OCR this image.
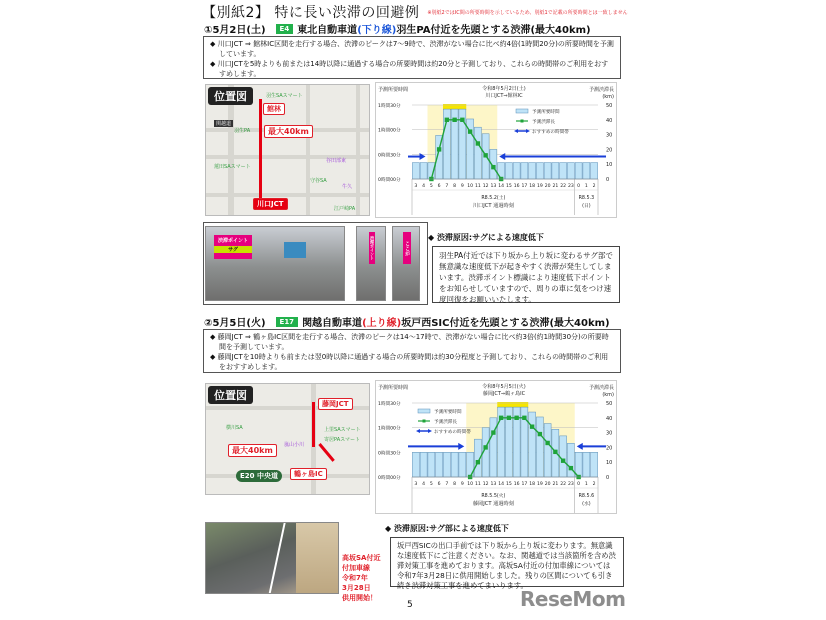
【別紙2】 特に長い渋滞の回避例 ※別紙2ではIC間の所要時間を示しているため、別紙1で記載の所要時間とは一致しません
①5月2日(土)	E4 東北自動車道 (下り線) 羽生PA付近を先頭とする渋滞(最大40km)

◆ 川口JCT ⇒ 館林IC区間を走行する場合、渋滞のピークは7～9時で、渋滞がない場合に比べ約4倍(1時間20分)の所要時間を予測しています。

◆ 川口JCTを5時よりも前または14時以降に通過する場合の所要時間は約20分と予測しており、これらの時間帯のご利用をおすすめします。

位置図
館林
最大40km
川口JCT
羽生SAスマート
羽生PA
蓮田SAスマート
守谷SA
江戸崎PA
牛久
谷田部東
関越道
予測所要時間	令和8年5月2日(土)
川口JCT⇒館林IC
予測渋滞長
(km)
0時間00分
0時間30分
1時間00分
1時間30分
0
10
20
30
40
50
予測所要時間
予測渋滞長
おすすめの時間帯
3 4 5 6 7 8 9 10 11 12 13 14 15 16 17 18 19 20 21 22 23 0 1 2
R8.5.2(土)
川口JCT 通過時刻
R8.5.3
(日)
渋滞ポイント
サグ	渋滞ポイント	ここが
◆ 渋滞原因:サグによる速度低下
羽生PA付近では下り坂から上り坂に変わるサグ部で無意識な速度低下が起きやすく渋滞が発生してしまいます。渋滞ポイント標識により速度低下ポイントをお知らせしていますので、周りの車に気をつけ速度回復をお願いいたします。
②5月5日(火)	E17 関越自動車道 (上り線) 坂戸西SIC付近を先頭とする渋滞(最大40km)

◆ 藤岡JCT ⇒ 鶴ヶ島IC区間を走行する場合、渋滞のピークは14～17時で、渋滞がない場合に比べ約3倍(約1時間30分)の所要時間を予測しています。

◆ 藤岡JCTを10時よりも前または翌0時以降に通過する場合の所要時間は約30分程度と予測しており、これらの時間帯のご利用をおすすめします。

位置図
藤岡JCT
最大40km
鶴ヶ島IC
E20 中央道
嵐山小川
上里SAスマート
寄居PAスマート
横川SA
予測所要時間	令和8年5月5日(火)
藤岡JCT⇒鶴ヶ島IC
予測渋滞長
(km)
0時間00分
0時間30分
1時間00分
1時間30分
0
10
20
30
40
50
予測所要時間
予測渋滞長
おすすめの時間帯
3 4 5 6 7 8 9 10 11 12 13 14 15 16 17 18 19 20 21 22 23 0 1 2
R8.5.5(火)
藤岡JCT 通過時刻
R8.5.6
(水)
高坂SA付近
付加車線
令和7年
3月28日
供用開始！
◆ 渋滞原因:サグ部による速度低下
坂戸西SICの出口手前では下り坂から上り坂に変わります。無意識な速度低下にご注意ください。なお、関越道では当該箇所を含め渋滞対策工事を進めております。高坂SA付近の付加車線については令和7年3月28日に供用開始しました。残りの区間についても引き続き渋滞対策工事を進めてまいります。
5	ReseMom
